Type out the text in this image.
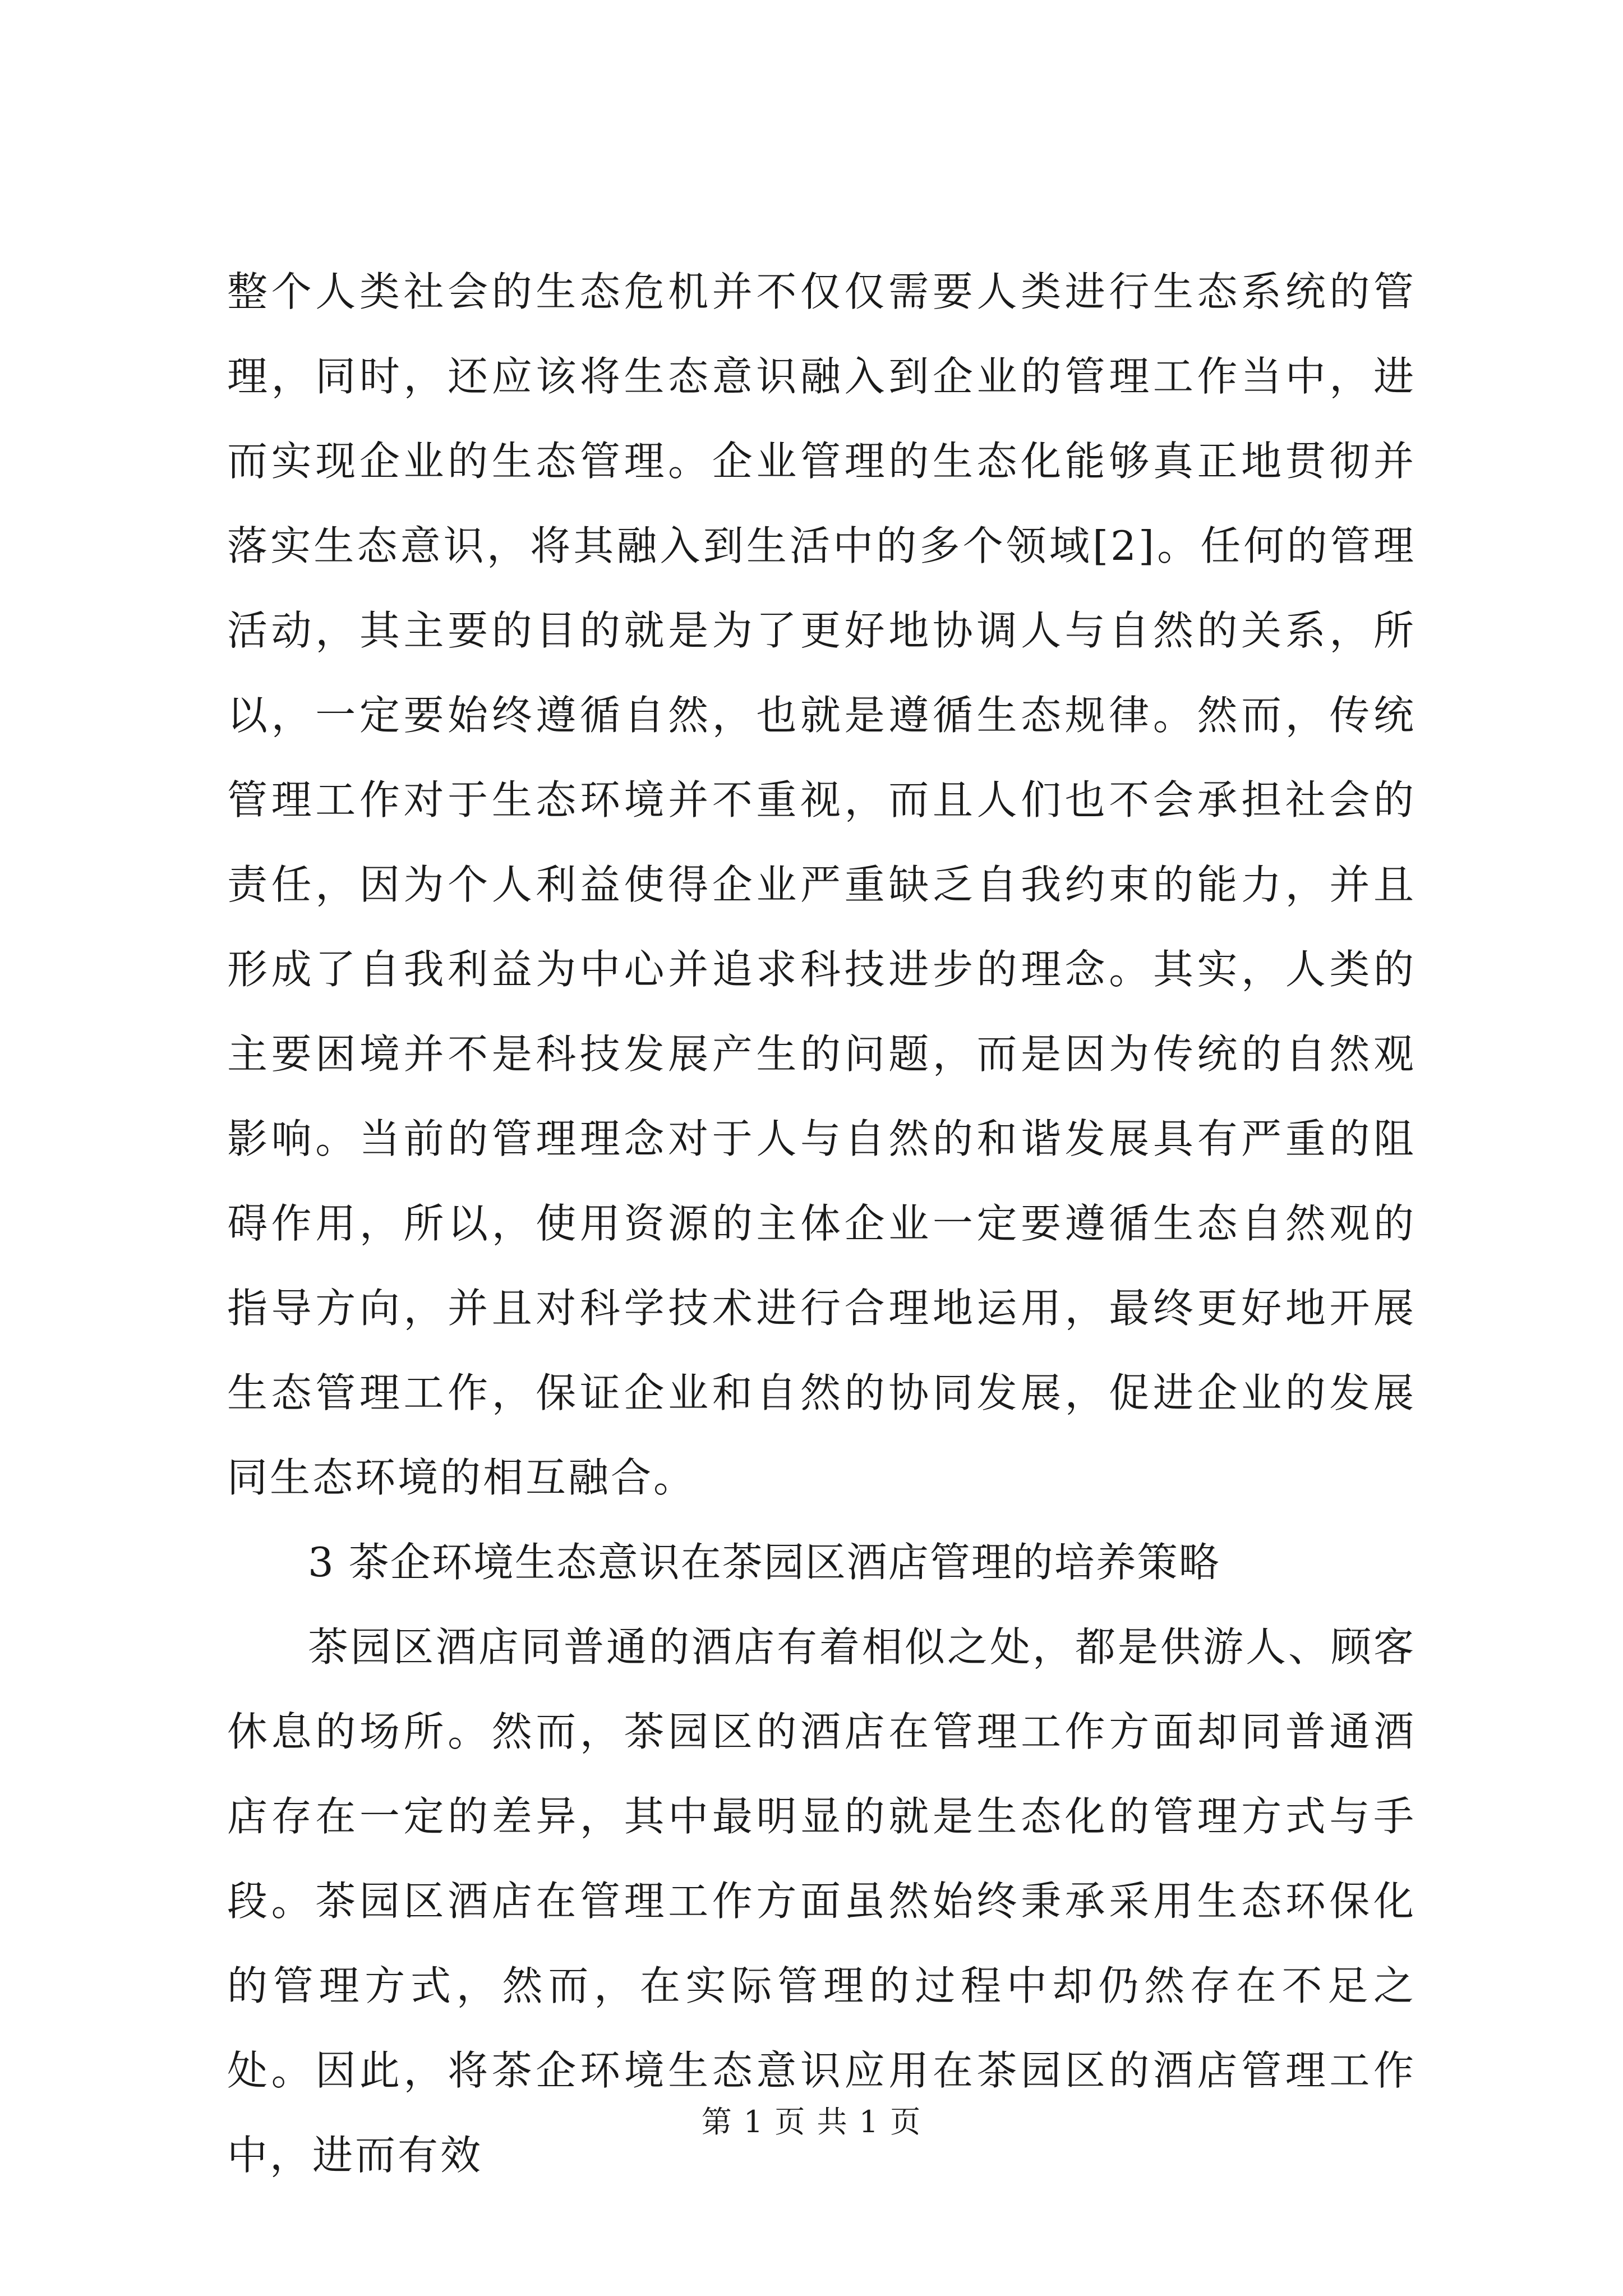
整个人类社会的生态危机并不仅仅需要人类进行生态系统的管理，同时，还应该将生态意识融入到企业的管理工作当中，进而实现企业的生态管理。企业管理的生态化能够真正地贯彻并落实生态意识，将其融入到生活中的多个领域[2]。任何的管理活动，其主要的目的就是为了更好地协调人与自然的关系，所以，一定要始终遵循自然，也就是遵循生态规律。然而，传统管理工作对于生态环境并不重视，而且人们也不会承担社会的责任，因为个人利益使得企业严重缺乏自我约束的能力，并且形成了自我利益为中心并追求科技进步的理念。其实，人类的主要困境并不是科技发展产生的问题，而是因为传统的自然观影响。当前的管理理念对于人与自然的和谐发展具有严重的阻碍作用，所以，使用资源的主体企业一定要遵循生态自然观的指导方向，并且对科学技术进行合理地运用，最终更好地开展生态管理工作，保证企业和自然的协同发展，促进企业的发展同生态环境的相互融合。

3 茶企环境生态意识在茶园区酒店管理的培养策略

茶园区酒店同普通的酒店有着相似之处，都是供游人、顾客休息的场所。然而，茶园区的酒店在管理工作方面却同普通酒店存在一定的差异，其中最明显的就是生态化的管理方式与手段。茶园区酒店在管理工作方面虽然始终秉承采用生态环保化的管理方式，然而，在实际管理的过程中却仍然存在不足之处。因此，将茶企环境生态意识应用在茶园区的酒店管理工作中，进而有效

第 1 页 共 1 页
